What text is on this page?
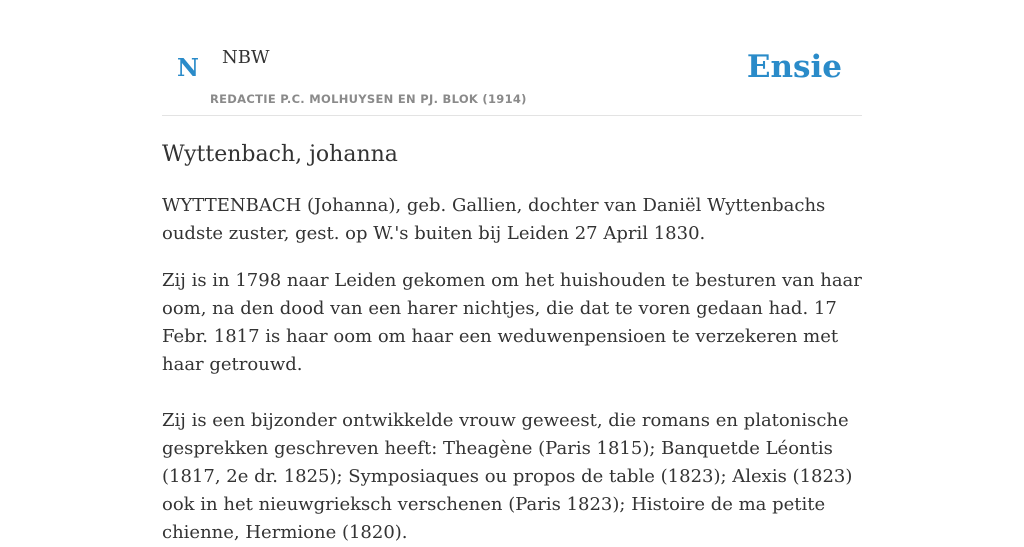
N NBW
REDACTIE P.C. MOLHUYSEN EN PJ. BLOK (1914)
Ensie
Wyttenbach, johanna

WYTTENBACH (Johanna), geb. Gallien, dochter van Daniël Wyttenbachs oudste zuster, gest. op W.'s buiten bij Leiden 27 April 1830.

Zij is in 1798 naar Leiden gekomen om het huishouden te besturen van haar oom, na den dood van een harer nichtjes, die dat te voren gedaan had. 17 Febr. 1817 is haar oom om haar een weduwenpensioen te verzekeren met haar getrouwd.

Zij is een bijzonder ontwikkelde vrouw geweest, die romans en platonische gesprekken geschreven heeft: Theagène (Paris 1815); Banquetde Léontis (1817, 2e dr. 1825); Symposiaques ou propos de table (1823); Alexis (1823) ook in het nieuwgrieksch verschenen (Paris 1823); Histoire de ma petite chienne, Hermione (1820).
